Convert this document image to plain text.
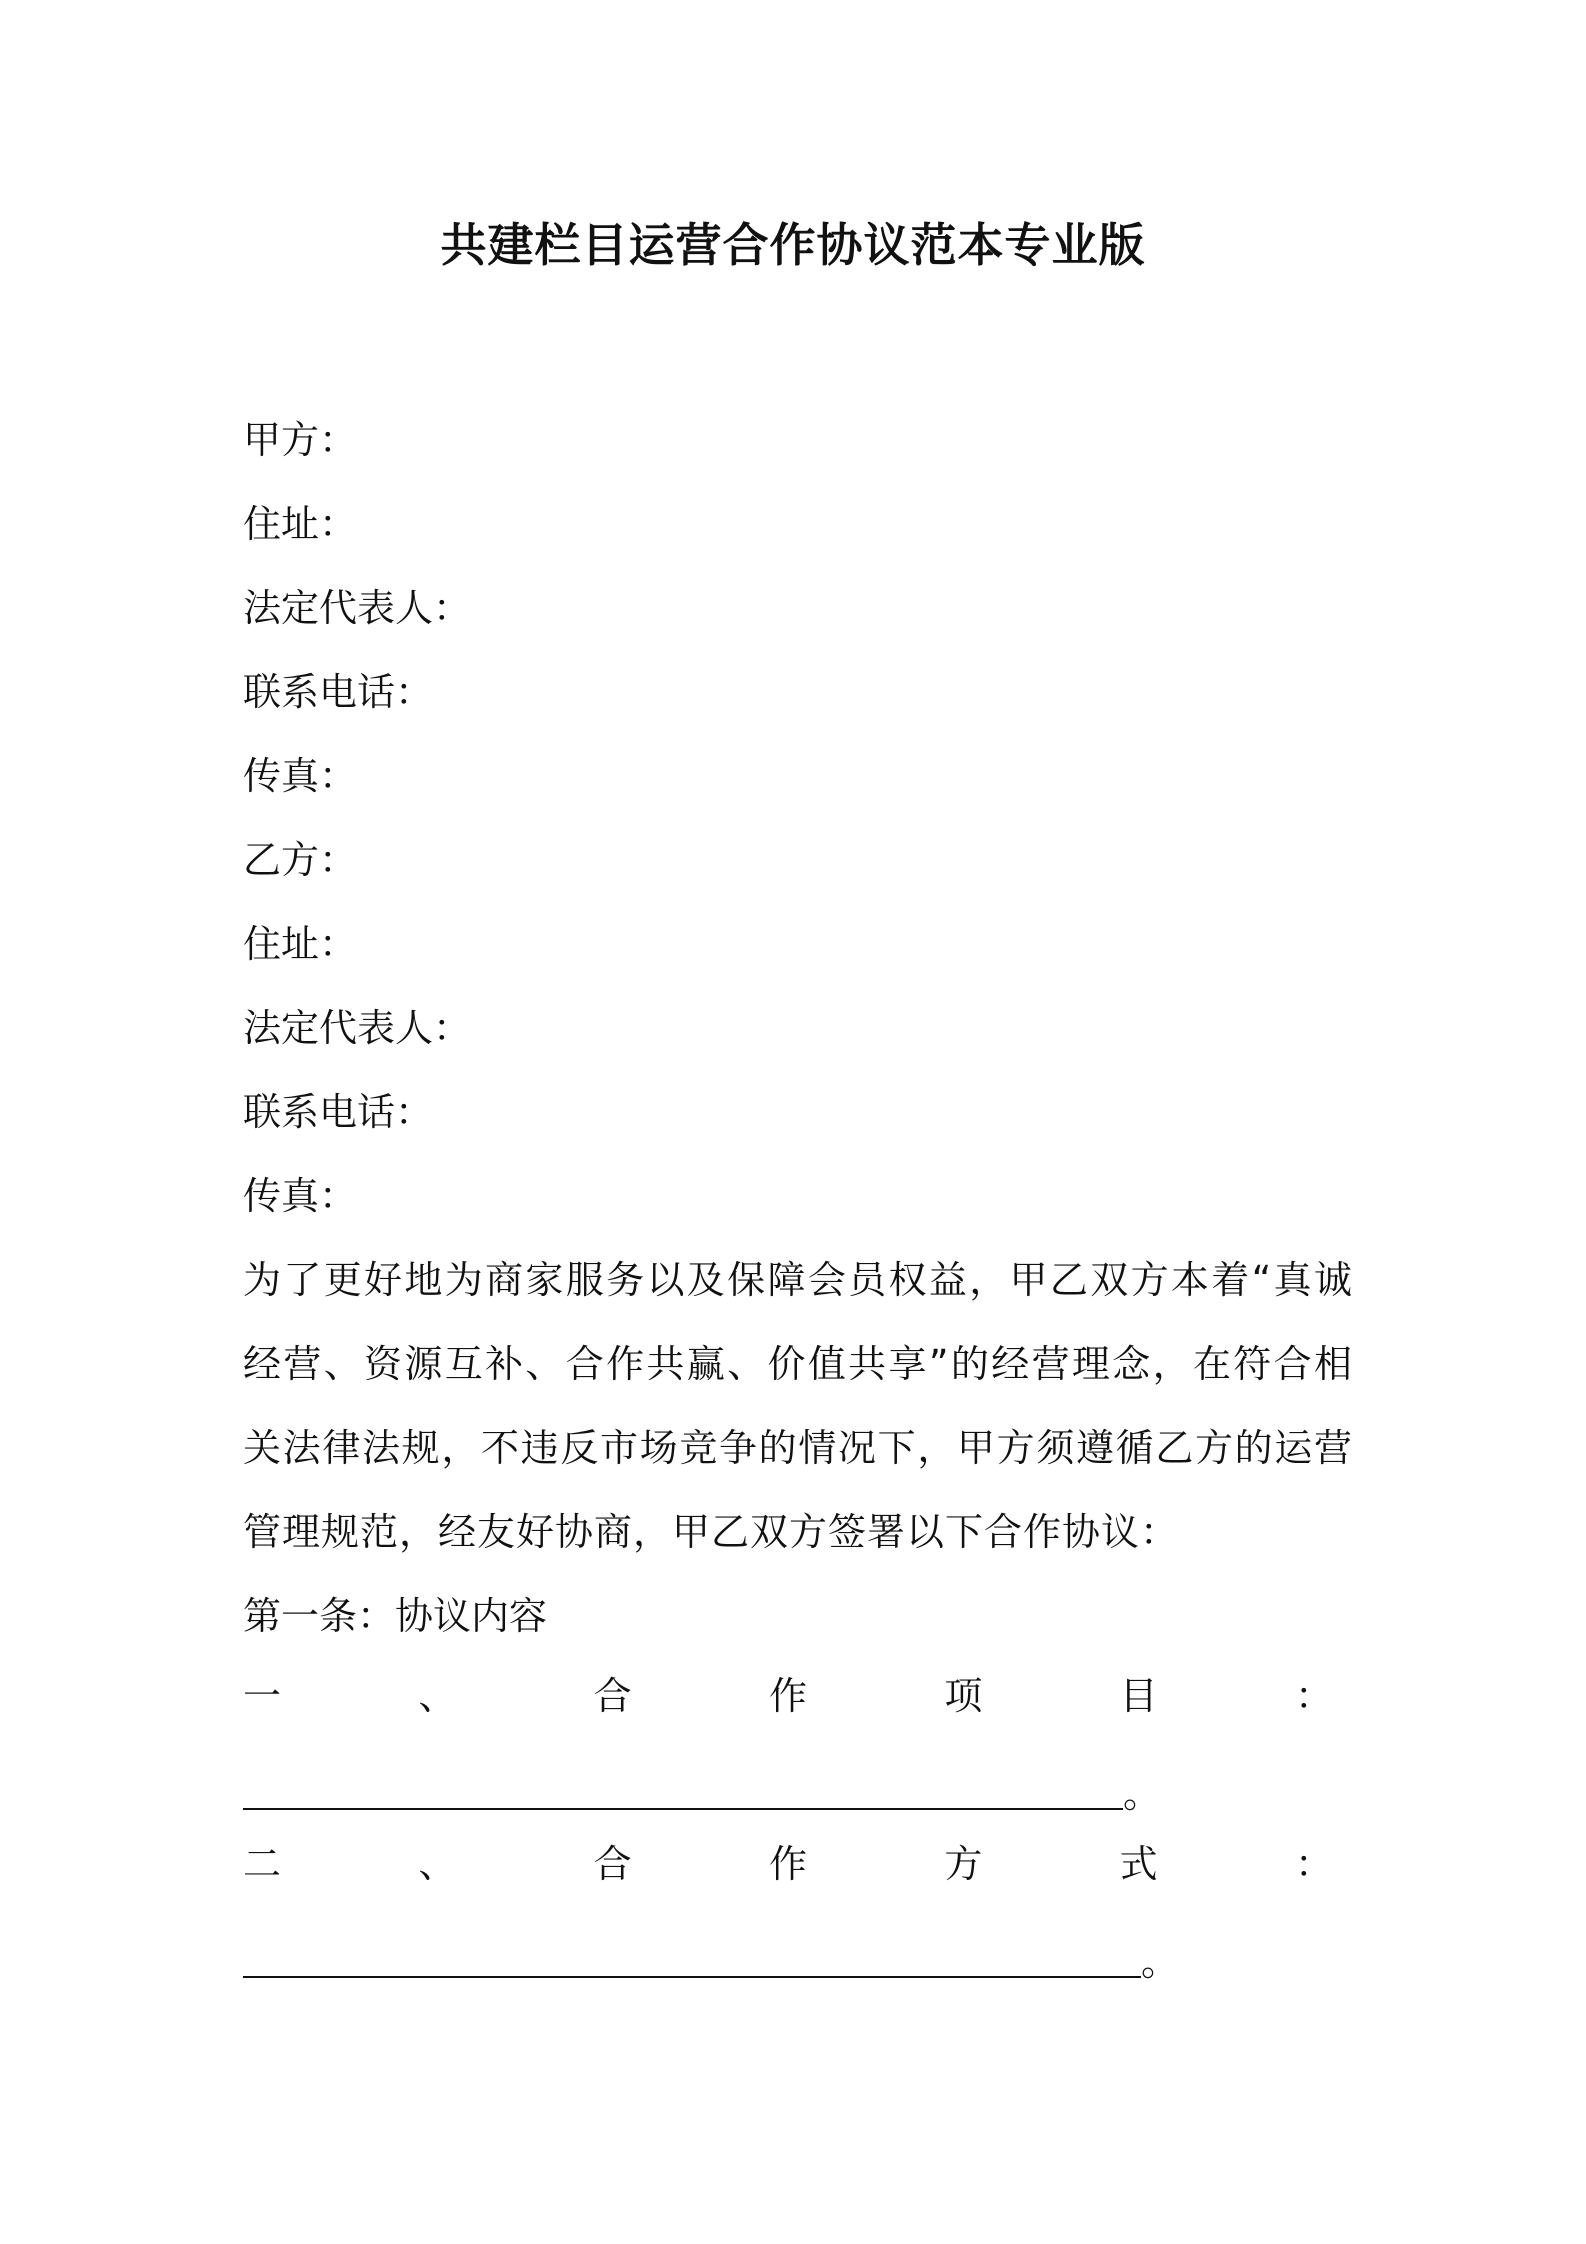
共建栏目运营合作协议范本专业版
甲方：
住址：
法定代表人：
联系电话：
传真：
乙方：
住址：
法定代表人：
联系电话：
传真：
为了更好地为商家服务以及保障会员权益，甲乙双方本着“真诚经营、资源互补、合作共赢、价值共享”的经营理念，在符合相关法律法规，不违反市场竞争的情况下，甲方须遵循乙方的运营管理规范，经友好协商，甲乙双方签署以下合作协议：
第一条：协议内容
一	、	合	作	项	目	：
。
二	、	合	作	方	式	：
。
